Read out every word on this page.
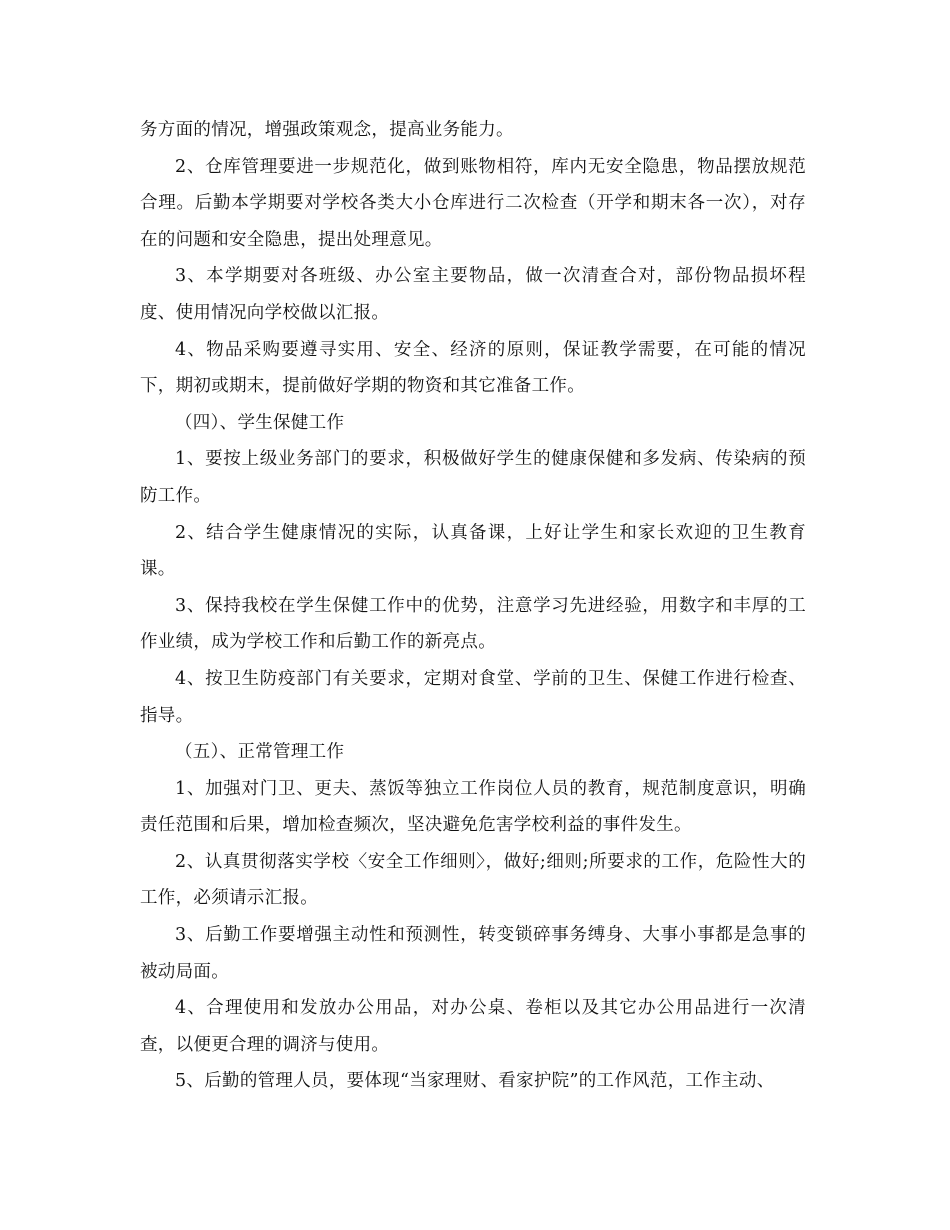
务方面的情况，增强政策观念，提高业务能力。

2、仓库管理要进一步规范化，做到账物相符，库内无安全隐患，物品摆放规范合理。后勤本学期要对学校各类大小仓库进行二次检查（开学和期末各一次），对存在的问题和安全隐患，提出处理意见。

3、本学期要对各班级、办公室主要物品，做一次清查合对，部份物品损坏程度、使用情况向学校做以汇报。

4、物品采购要遵寻实用、安全、经济的原则，保证教学需要，在可能的情况下，期初或期末，提前做好学期的物资和其它准备工作。

（四）、学生保健工作

1、要按上级业务部门的要求，积极做好学生的健康保健和多发病、传染病的预防工作。

2、结合学生健康情况的实际，认真备课，上好让学生和家长欢迎的卫生教育课。

3、保持我校在学生保健工作中的优势，注意学习先进经验，用数字和丰厚的工作业绩，成为学校工作和后勤工作的新亮点。

4、按卫生防疫部门有关要求，定期对食堂、学前的卫生、保健工作进行检查、指导。

（五）、正常管理工作

1、加强对门卫、更夫、蒸饭等独立工作岗位人员的教育，规范制度意识，明确责任范围和后果，增加检查频次，坚决避免危害学校利益的事件发生。

2、认真贯彻落实学校〈安全工作细则〉，做好;细则;所要求的工作，危险性大的工作，必须请示汇报。

3、后勤工作要增强主动性和预测性，转变锁碎事务缚身、大事小事都是急事的被动局面。

4、合理使用和发放办公用品，对办公桌、卷柜以及其它办公用品进行一次清查，以便更合理的调济与使用。

5、后勤的管理人员，要体现“当家理财、看家护院”的工作风范，工作主动、
